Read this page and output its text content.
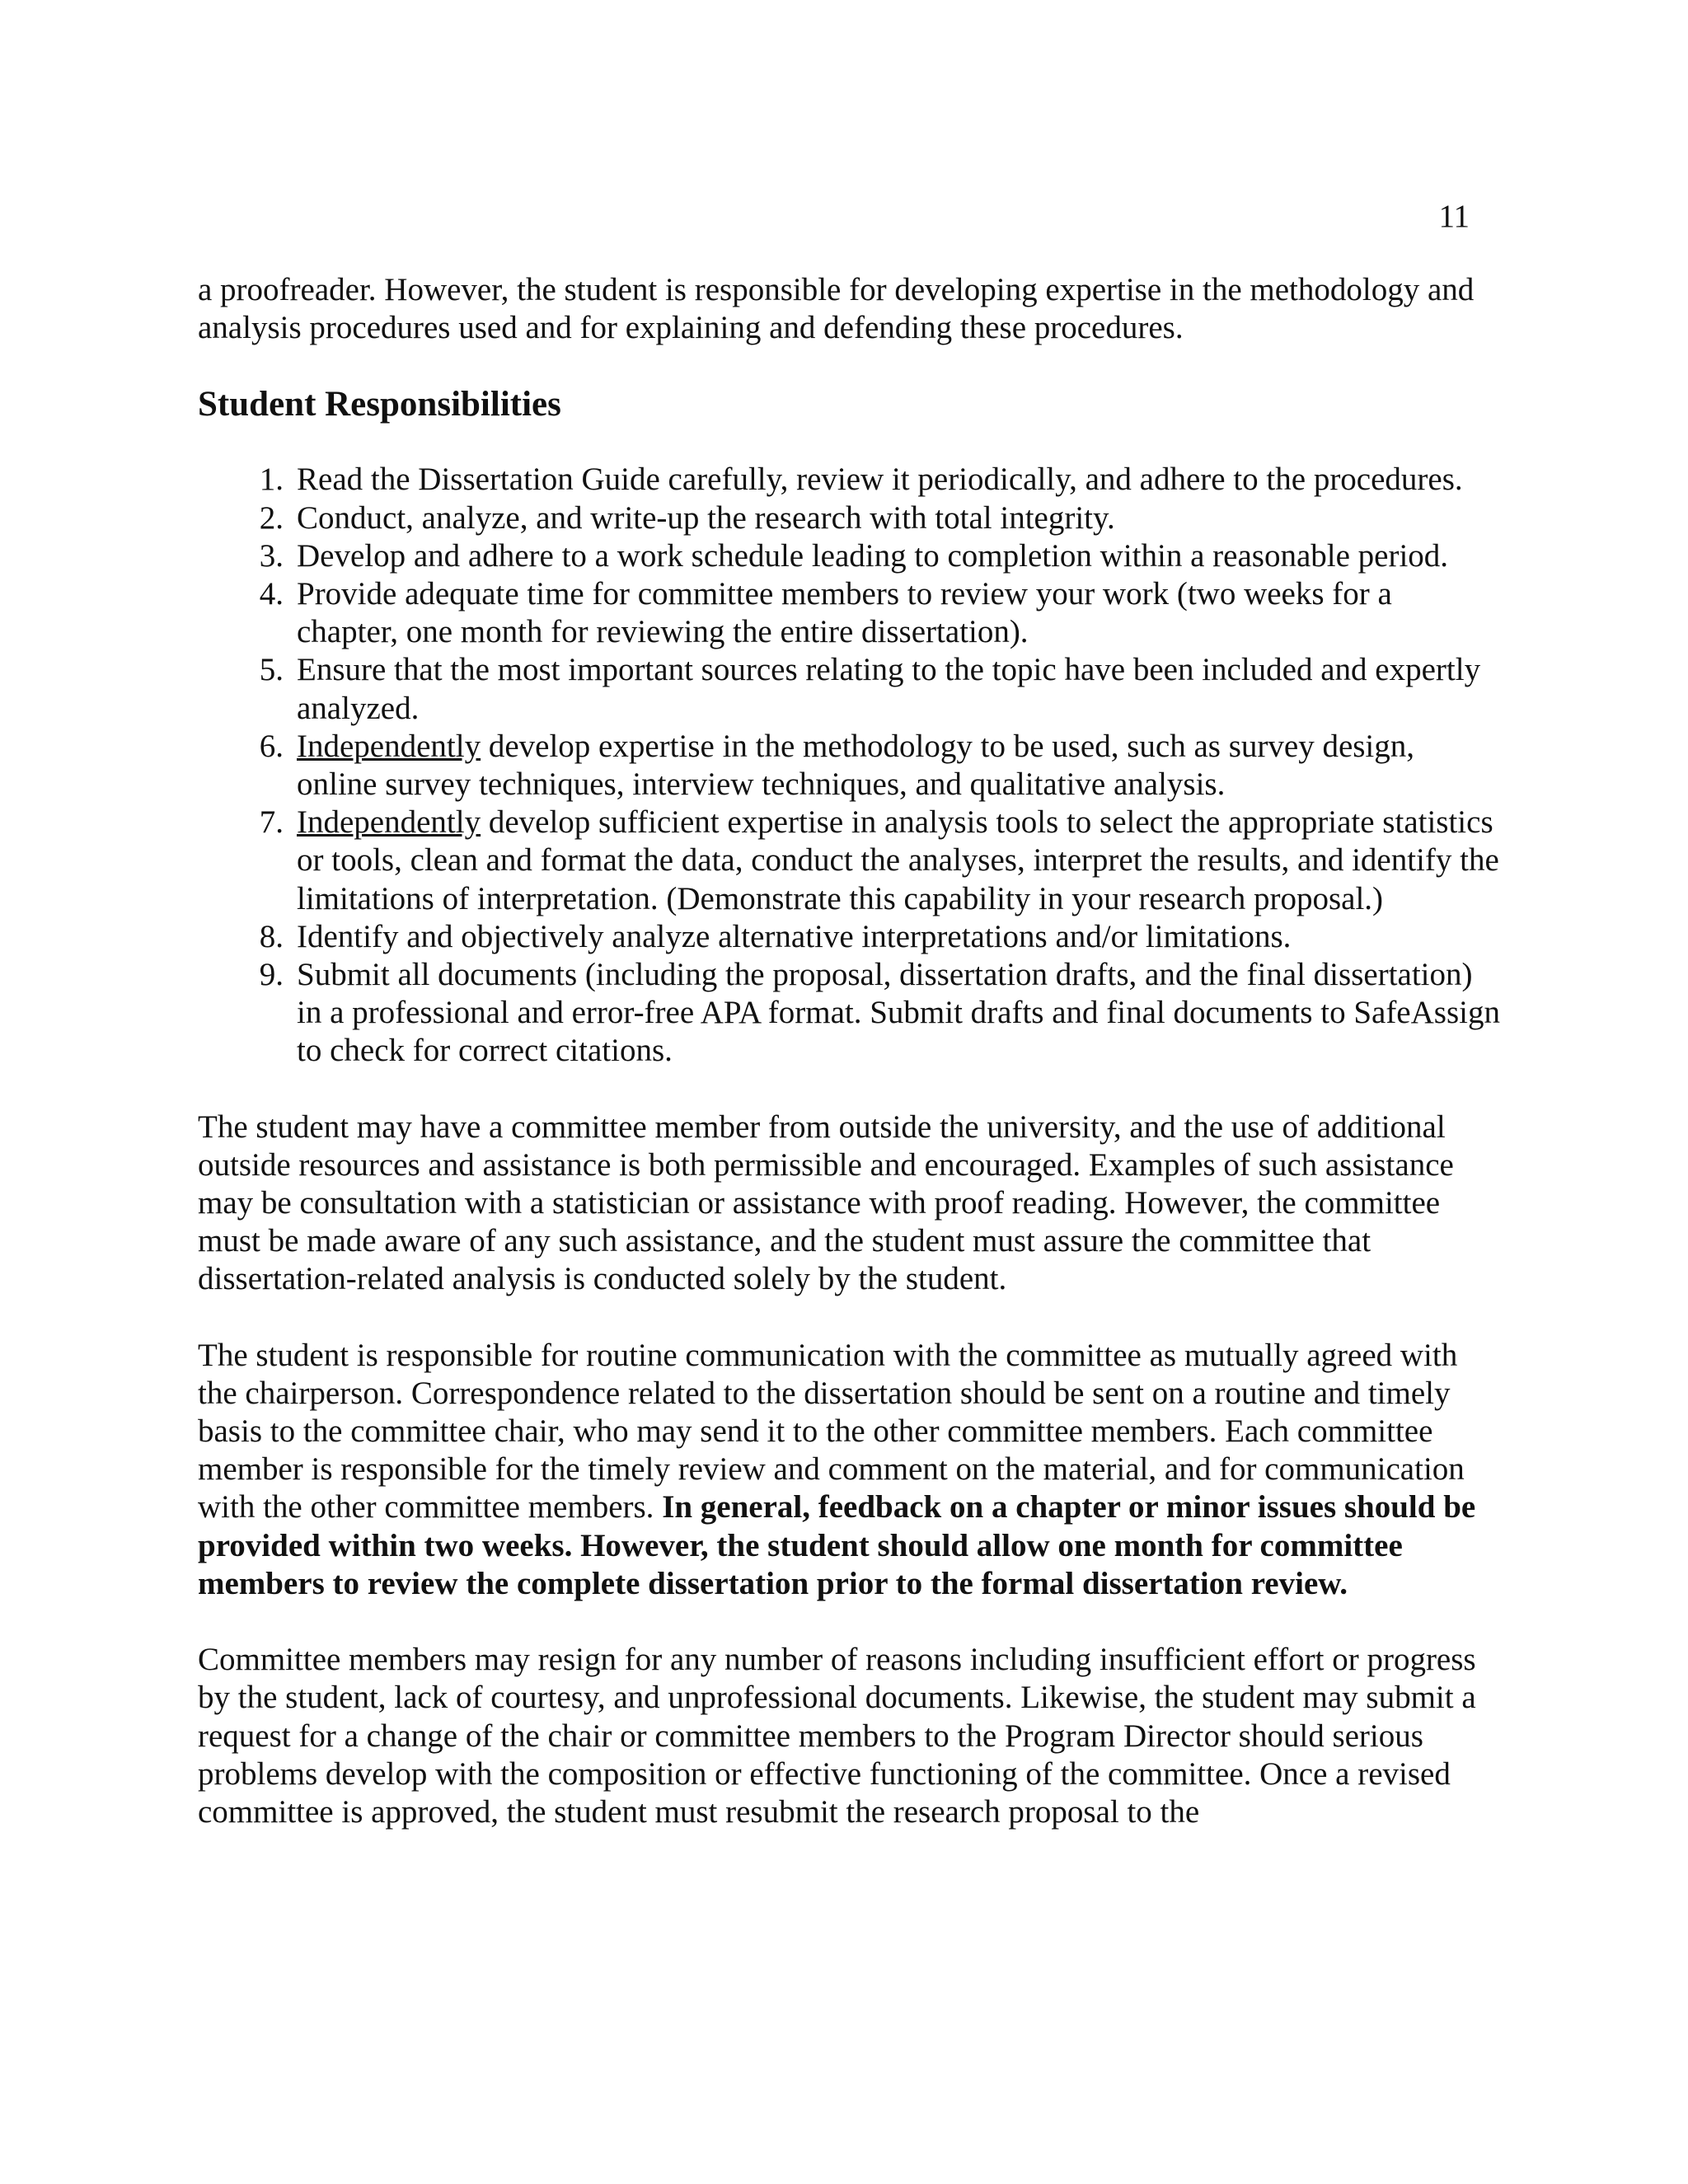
11

a proofreader. However, the student is responsible for developing expertise in the methodology and analysis procedures used and for explaining and defending these procedures.

Student Responsibilities
1. Read the Dissertation Guide carefully, review it periodically, and adhere to the procedures.
2. Conduct, analyze, and write-up the research with total integrity.
3. Develop and adhere to a work schedule leading to completion within a reasonable period.
4. Provide adequate time for committee members to review your work (two weeks for a chapter, one month for reviewing the entire dissertation).
5. Ensure that the most important sources relating to the topic have been included and expertly analyzed.
6. Independently develop expertise in the methodology to be used, such as survey design, online survey techniques, interview techniques, and qualitative analysis.
7. Independently develop sufficient expertise in analysis tools to select the appropriate statistics or tools, clean and format the data, conduct the analyses, interpret the results, and identify the limitations of interpretation. (Demonstrate this capability in your research proposal.)
8. Identify and objectively analyze alternative interpretations and/or limitations.
9. Submit all documents (including the proposal, dissertation drafts, and the final dissertation) in a professional and error-free APA format. Submit drafts and final documents to SafeAssign to check for correct citations.

The student may have a committee member from outside the university, and the use of additional outside resources and assistance is both permissible and encouraged. Examples of such assistance may be consultation with a statistician or assistance with proof reading. However, the committee must be made aware of any such assistance, and the student must assure the committee that dissertation-related analysis is conducted solely by the student.

The student is responsible for routine communication with the committee as mutually agreed with the chairperson. Correspondence related to the dissertation should be sent on a routine and timely basis to the committee chair, who may send it to the other committee members. Each committee member is responsible for the timely review and comment on the material, and for communication with the other committee members. In general, feedback on a chapter or minor issues should be provided within two weeks. However, the student should allow one month for committee members to review the complete dissertation prior to the formal dissertation review.

Committee members may resign for any number of reasons including insufficient effort or progress by the student, lack of courtesy, and unprofessional documents. Likewise, the student may submit a request for a change of the chair or committee members to the Program Director should serious problems develop with the composition or effective functioning of the committee. Once a revised committee is approved, the student must resubmit the research proposal to the
